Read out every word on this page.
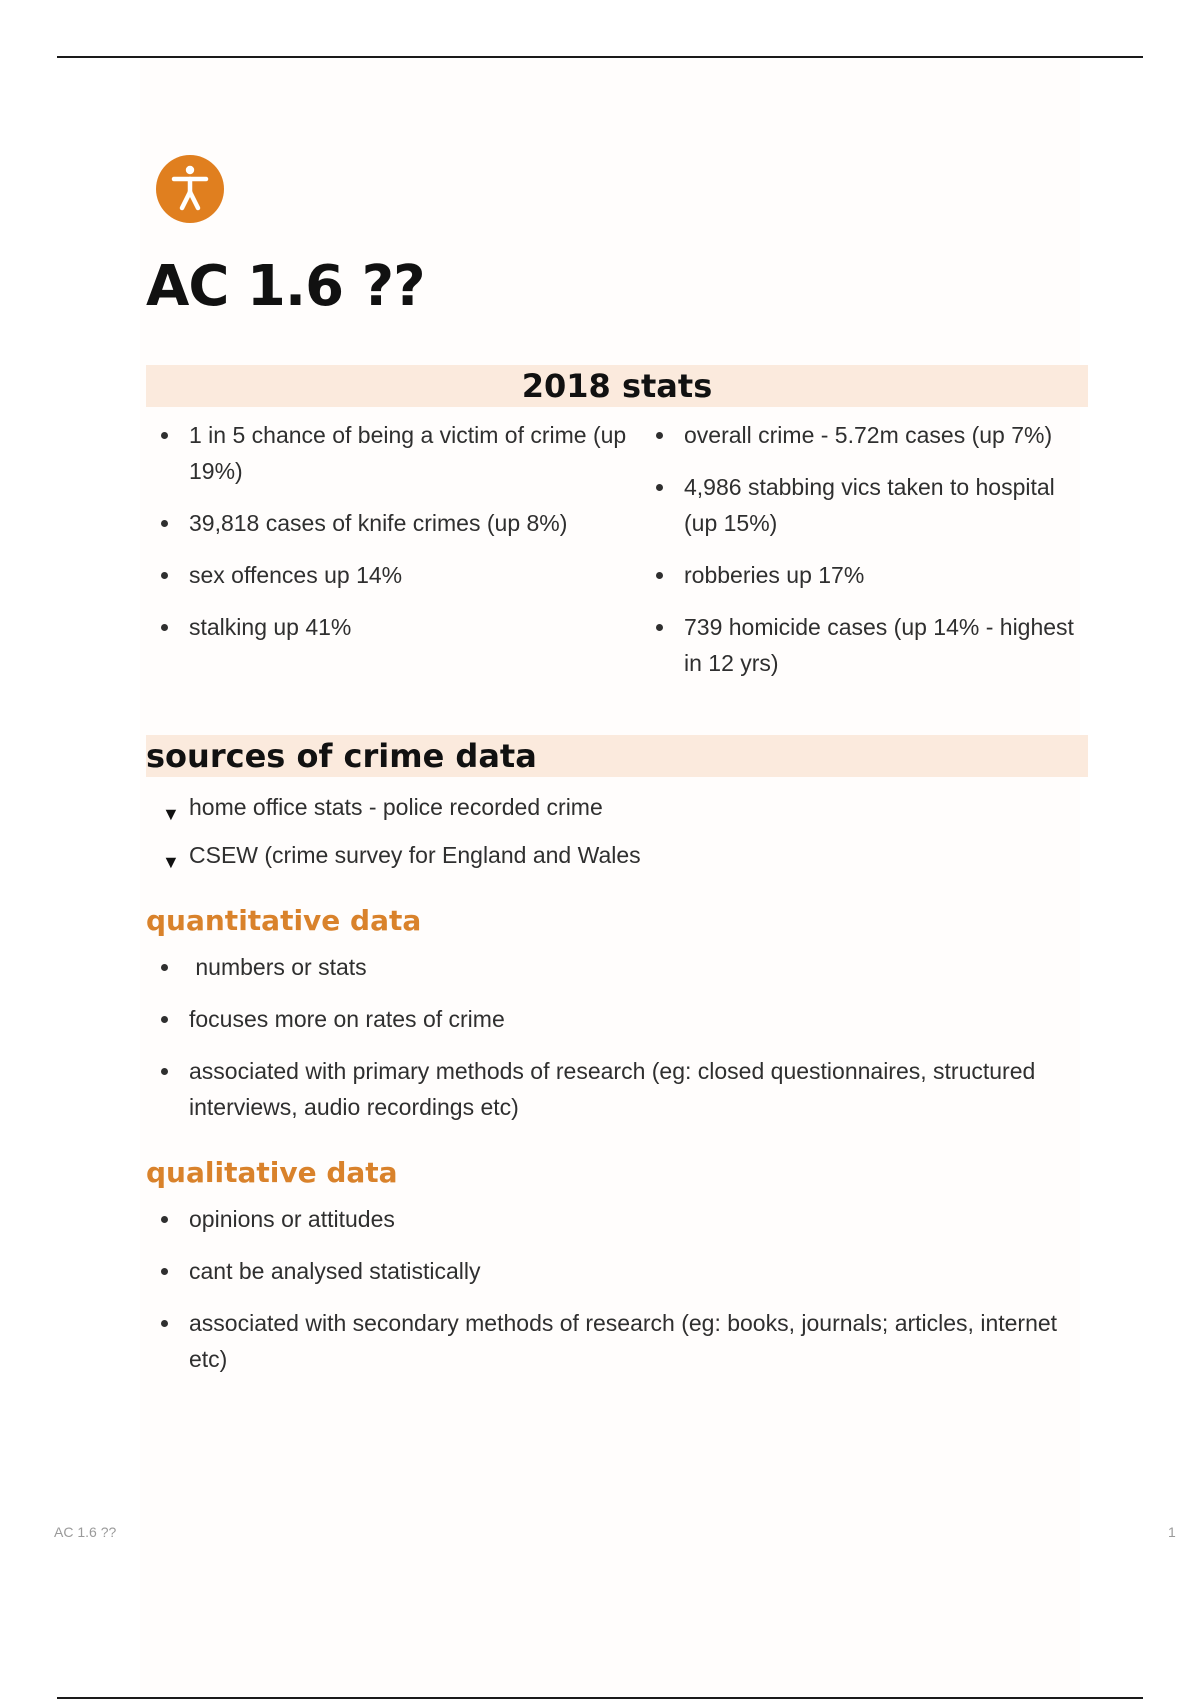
AC 1.6 ??
2018 stats
1 in 5 chance of being a victim of crime (up 19%)
39,818 cases of knife crimes (up 8%)
sex offences up 14%
stalking up 41%
overall crime - 5.72m cases (up 7%)
4,986 stabbing vics taken to hospital (up 15%)
robberies up 17%
739 homicide cases (up 14% - highest in 12 yrs)
sources of crime data
▼ home office stats - police recorded crime
▼ CSEW (crime survey for England and Wales
quantitative data
numbers or stats
focuses more on rates of crime
associated with primary methods of research (eg: closed questionnaires, structured interviews, audio recordings etc)
qualitative data
opinions or attitudes
cant be analysed statistically
associated with secondary methods of research (eg: books, journals; articles, internet etc)
AC 1.6 ??	1
